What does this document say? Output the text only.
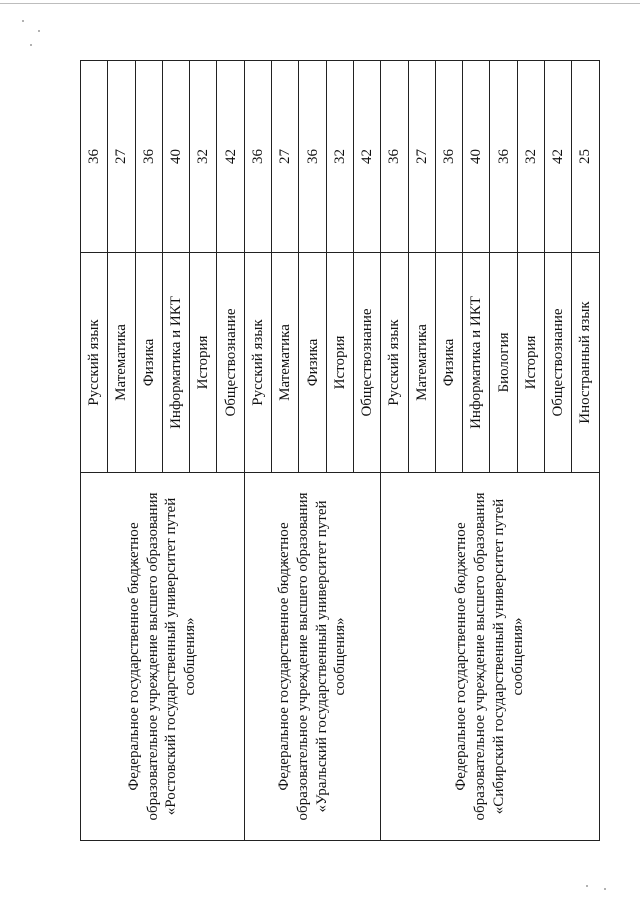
Федеральное государственное бюджетное образовательное учреждение высшего образования «Ростовский государственный университет путей сообщения»	Русский язык	36
	Математика	27
	Физика	36
	Информатика и ИКТ	40
	История	32
	Обществознание	42

Федеральное государственное бюджетное образовательное учреждение высшего образования «Уральский государственный университет путей сообщения»	Русский язык	36
	Математика	27
	Физика	36
	История	32
	Обществознание	42

Федеральное государственное бюджетное образовательное учреждение высшего образования «Сибирский государственный университет путей сообщения»	Русский язык	36
	Математика	27
	Физика	36
	Информатика и ИКТ	40
	Биология	36
	История	32
	Обществознание	42
	Иностранный язык	25
